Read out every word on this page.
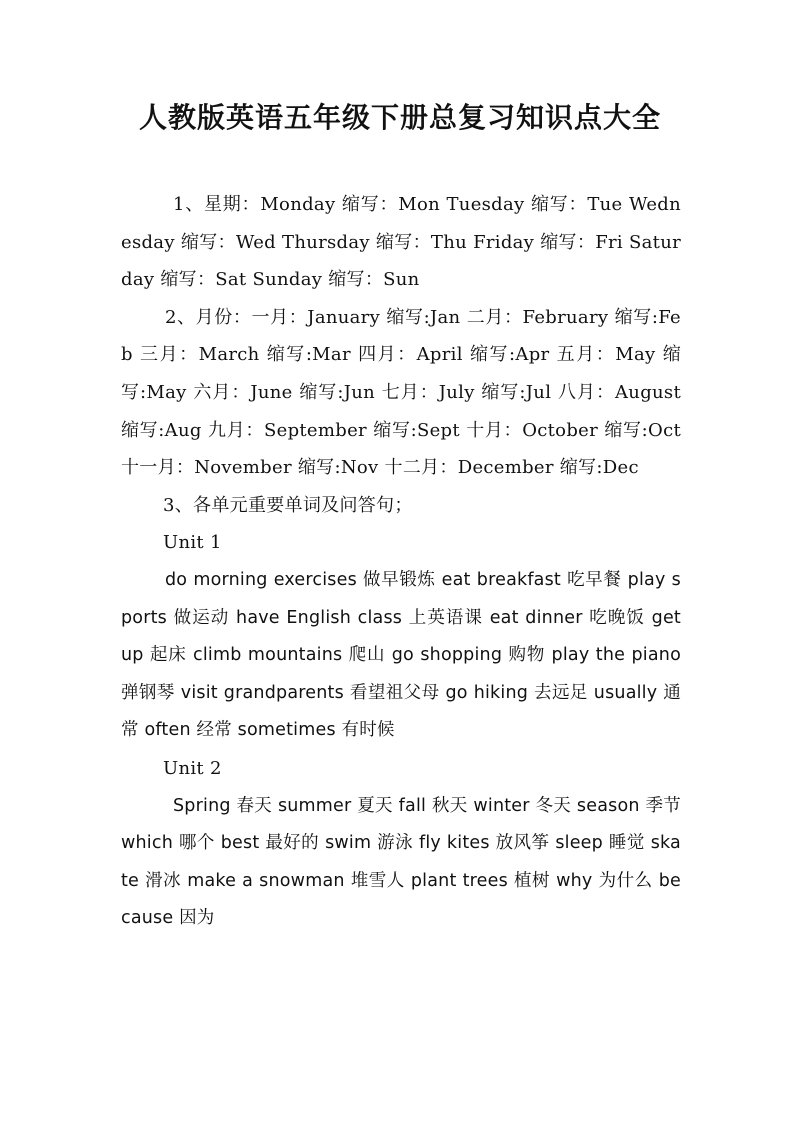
人教版英语五年级下册总复习知识点大全

1、星期：Monday 缩写：Mon Tuesday 缩写：Tue Wednesday 缩写：Wed Thursday 缩写：Thu Friday 缩写：Fri Saturday 缩写：Sat Sunday 缩写：Sun

2、月份：一月：January 缩写:Jan 二月：February 缩写:Feb 三月：March 缩写:Mar 四月：April 缩写:Apr 五月：May 缩写:May 六月：June 缩写:Jun 七月：July 缩写:Jul 八月：August 缩写:Aug 九月：September 缩写:Sept 十月：October 缩写:Oct 十一月：November 缩写:Nov 十二月：December 缩写:Dec

3、各单元重要单词及问答句；

Unit 1

do morning exercises 做早锻炼 eat breakfast 吃早餐 play sports 做运动 have English class 上英语课 eat dinner 吃晚饭 get up 起床 climb mountains 爬山 go shopping 购物 play the piano 弹钢琴 visit grandparents 看望祖父母 go hiking 去远足 usually 通常 often 经常 sometimes 有时候

Unit 2

Spring 春天 summer 夏天 fall 秋天 winter 冬天 season 季节 which 哪个 best 最好的 swim 游泳 fly kites 放风筝 sleep 睡觉 skate 滑冰 make a snowman 堆雪人 plant trees 植树 why 为什么 because 因为
